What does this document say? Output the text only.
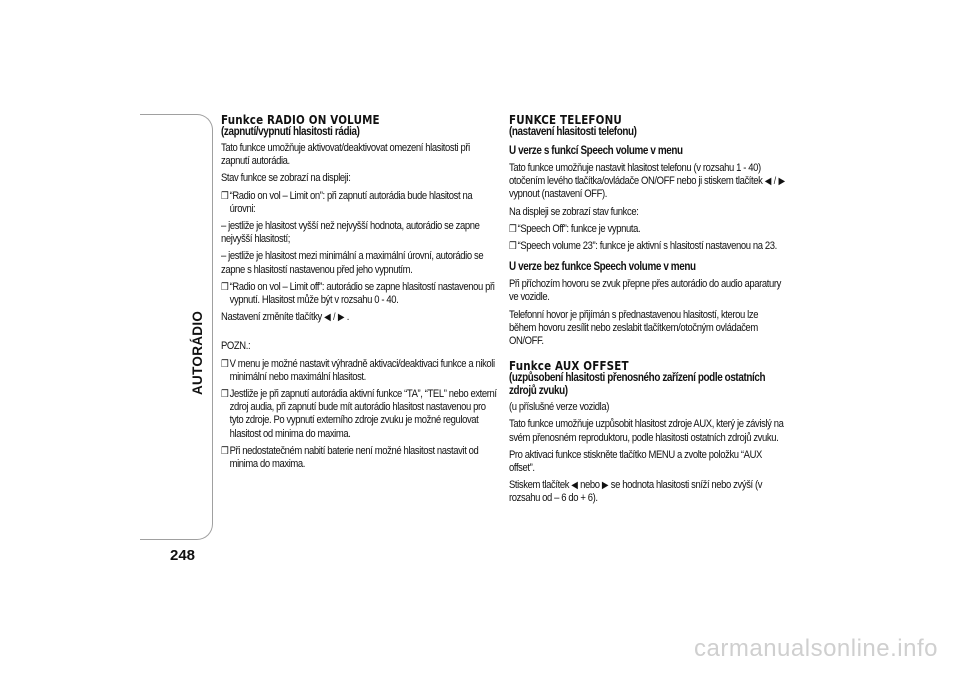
AUTORÁDIO
248
Funkce RADIO ON VOLUME
(zapnutí/vypnutí hlasitosti rádia)

Tato funkce umožňuje aktivovat/deaktivovat omezení hlasitosti při zapnutí autorádia.

Stav funkce se zobrazí na displeji:

❒ “Radio on vol – Limit on”: při zapnutí autorádia bude hlasitost na úrovni:

– jestliže je hlasitost vyšší než nejvyšší hodnota, autorádio se zapne nejvyšší hlasitostí;

– jestliže je hlasitost mezi minimální a maximální úrovní, autorádio se zapne s hlasitostí nastavenou před jeho vypnutím.

❒ “Radio on vol – Limit off”: autorádio se zapne hlasitostí nastavenou při vypnutí. Hlasitost může být v rozsahu 0 - 40.

Nastavení změníte tlačítky ◀ / ▶ .

POZN.:

❒ V menu je možné nastavit výhradně aktivaci/deaktivaci funkce a nikoli minimální nebo maximální hlasitost.
❒ Jestliže je při zapnutí autorádia aktivní funkce “TA”, “TEL” nebo externí zdroj audia, při zapnutí bude mít autorádio hlasitost nastavenou pro tyto zdroje. Po vypnutí externího zdroje zvuku je možné regulovat hlasitost od minima do maxima.
❒ Při nedostatečném nabití baterie není možné hlasitost nastavit od minima do maxima.
FUNKCE TELEFONU
(nastavení hlasitosti telefonu)
U verze s funkcí Speech volume v menu

Tato funkce umožňuje nastavit hlasitost telefonu (v rozsahu 1 - 40) otočením levého tlačítka/ovládače ON/OFF nebo ji stiskem tlačítek ◀ / ▶ vypnout (nastavení OFF).

Na displeji se zobrazí stav funkce:

❒ “Speech Off”: funkce je vypnuta.
❒ “Speech volume 23”: funkce je aktivní s hlasitostí nastavenou na 23.
U verze bez funkce Speech volume v menu

Při příchozím hovoru se zvuk přepne přes autorádio do audio aparatury ve vozidle.

Telefonní hovor je přijímán s přednastavenou hlasitostí, kterou lze během hovoru zesílit nebo zeslabit tlačítkem/otočným ovládačem ON/OFF.

Funkce AUX OFFSET
(uzpůsobení hlasitosti přenosného zařízení podle ostatních zdrojů zvuku)

(u příslušné verze vozidla)

Tato funkce umožňuje uzpůsobit hlasitost zdroje AUX, který je závislý na svém přenosném reproduktoru, podle hlasitosti ostatních zdrojů zvuku.

Pro aktivaci funkce stiskněte tlačítko MENU a zvolte položku “AUX offset”.

Stiskem tlačítek ◀ nebo ▶ se hodnota hlasitosti sníží nebo zvýší (v rozsahu od – 6 do + 6).

carmanualsonline.info
